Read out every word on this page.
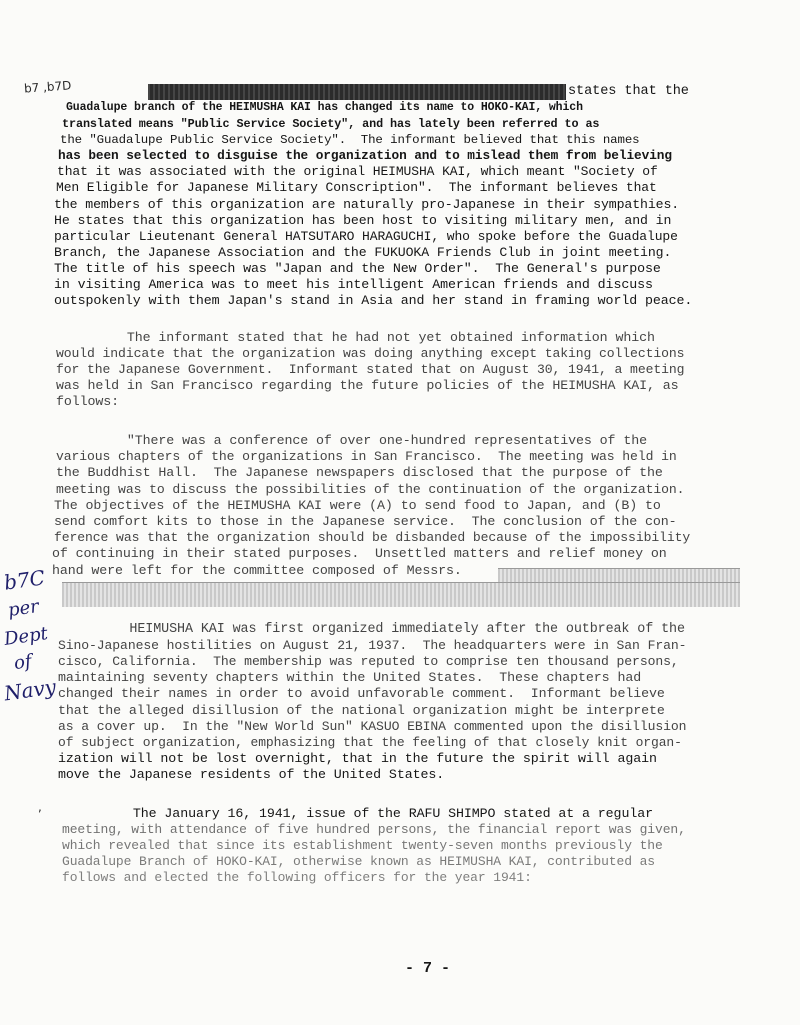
b7 ,b7D	states that the
Guadalupe branch of the HEIMUSHA KAI has changed its name to HOKO-KAI, which
translated means "Public Service Society", and has lately been referred to as
the "Guadalupe Public Service Society".  The informant believed that this names
has been selected to disguise the organization and to mislead them from believing
that it was associated with the original HEIMUSHA KAI, which meant "Society of
Men Eligible for Japanese Military Conscription".  The informant believes that
the members of this organization are naturally pro-Japanese in their sympathies.
He states that this organization has been host to visiting military men, and in
particular Lieutenant General HATSUTARO HARAGUCHI, who spoke before the Guadalupe
Branch, the Japanese Association and the FUKUOKA Friends Club in joint meeting.
The title of his speech was "Japan and the New Order".  The General's purpose
in visiting America was to meet his intelligent American friends and discuss
outspokenly with them Japan's stand in Asia and her stand in framing world peace.
The informant stated that he had not yet obtained information which
would indicate that the organization was doing anything except taking collections
for the Japanese Government.  Informant stated that on August 30, 1941, a meeting
was held in San Francisco regarding the future policies of the HEIMUSHA KAI, as
follows:
"There was a conference of over one-hundred representatives of the
various chapters of the organizations in San Francisco.  The meeting was held in
the Buddhist Hall.  The Japanese newspapers disclosed that the purpose of the
meeting was to discuss the possibilities of the continuation of the organization.
The objectives of the HEIMUSHA KAI were (A) to send food to Japan, and (B) to
send comfort kits to those in the Japanese service.  The conclusion of the con-
ference was that the organization should be disbanded because of the impossibility
of continuing in their stated purposes.  Unsettled matters and relief money on
hand were left for the committee composed of Messrs.
b7C
per
Dept
of
Navy
HEIMUSHA KAI was first organized immediately after the outbreak of the
Sino-Japanese hostilities on August 21, 1937.  The headquarters were in San Fran-
cisco, California.  The membership was reputed to comprise ten thousand persons,
maintaining seventy chapters within the United States.  These chapters had
changed their names in order to avoid unfavorable comment.  Informant believe
that the alleged disillusion of the national organization might be interprete
as a cover up.  In the "New World Sun" KASUO EBINA commented upon the disillusion
of subject organization, emphasizing that the feeling of that closely knit organ-
ization will not be lost overnight, that in the future the spirit will again
move the Japanese residents of the United States.
, The January 16, 1941, issue of the RAFU SHIMPO stated at a regular
meeting, with attendance of five hundred persons, the financial report was given,
which revealed that since its establishment twenty-seven months previously the
Guadalupe Branch of HOKO-KAI, otherwise known as HEIMUSHA KAI, contributed as
follows and elected the following officers for the year 1941:
- 7 -
